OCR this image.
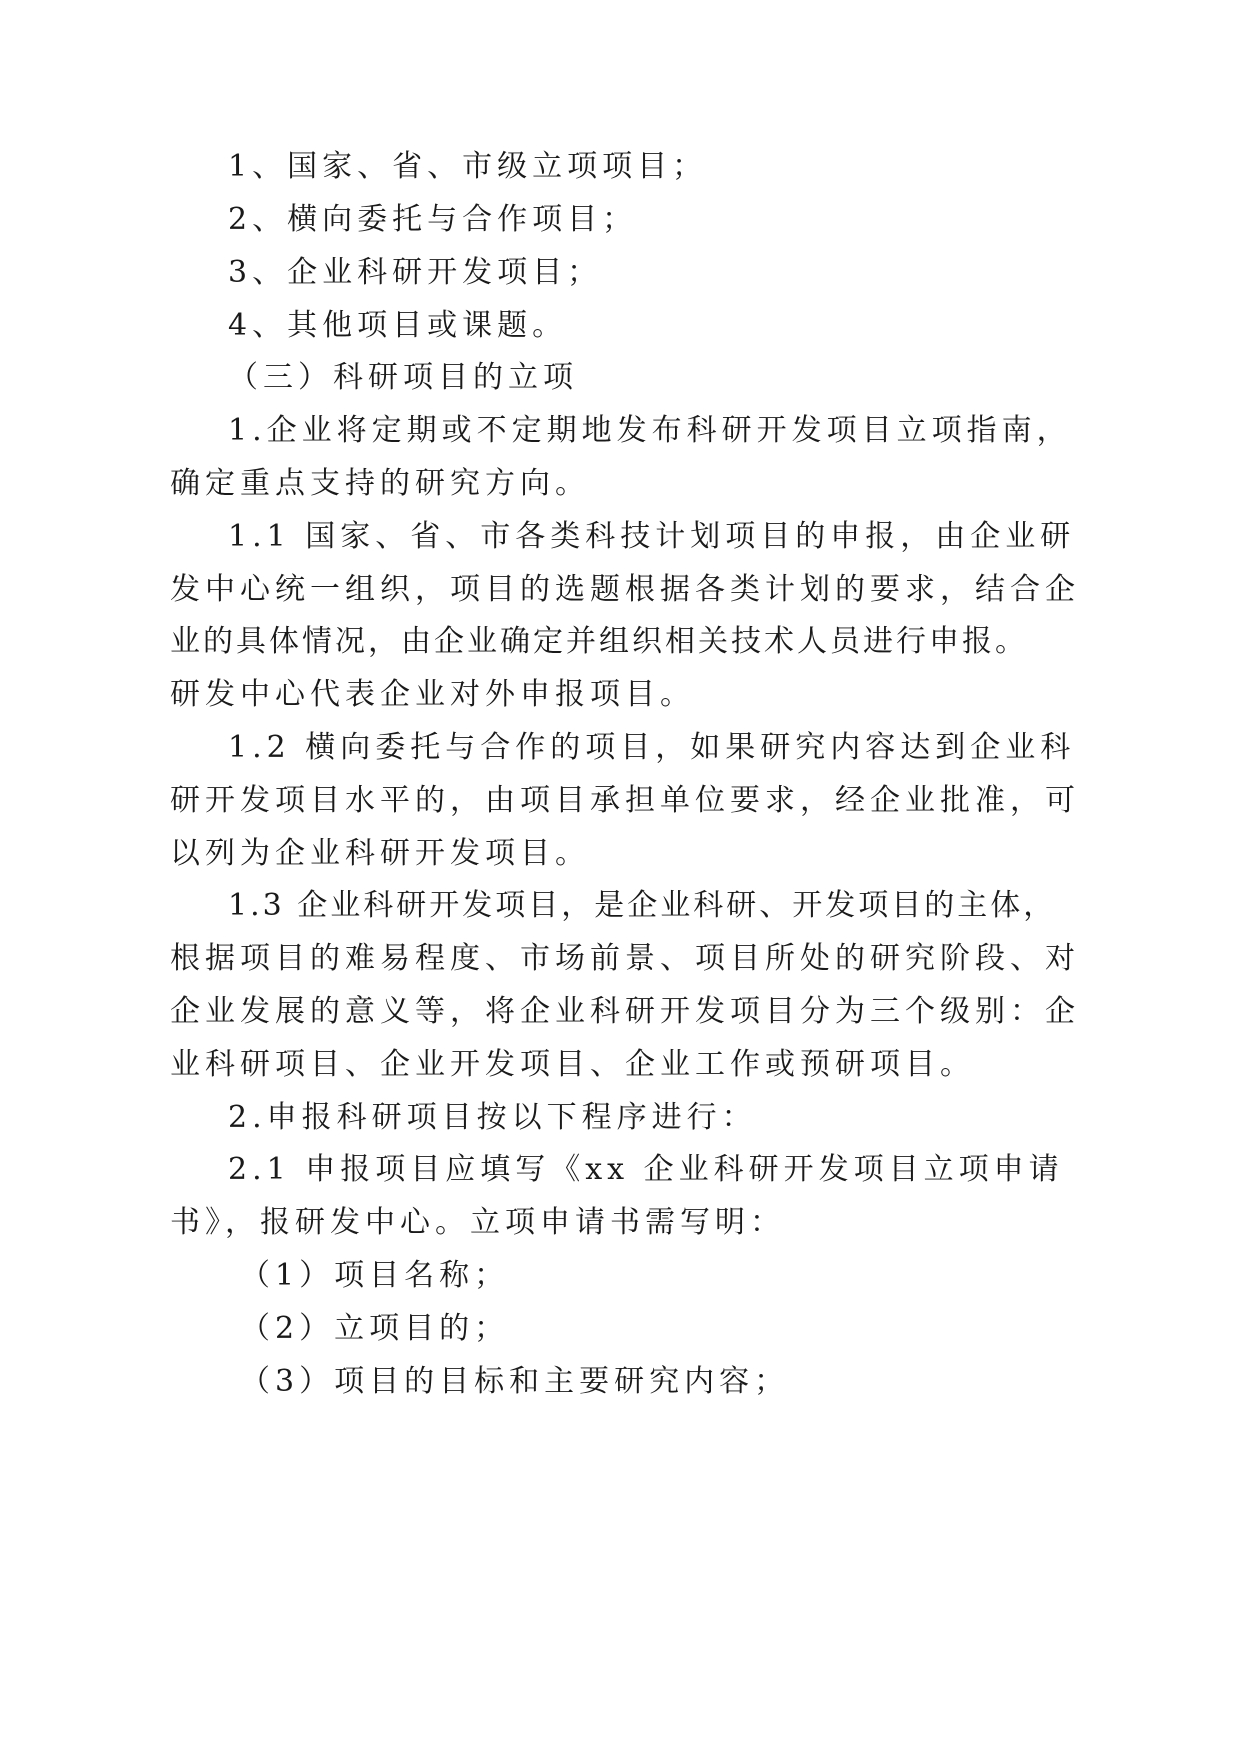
1、国家、省、市级立项项目；
2、横向委托与合作项目；
3、企业科研开发项目；
4、其他项目或课题。
（三）科研项目的立项
1.企业将定期或不定期地发布科研开发项目立项指南，
确定重点支持的研究方向。
1.1 国家、省、市各类科技计划项目的申报，由企业研
发中心统一组织，项目的选题根据各类计划的要求，结合企
业的具体情况，由企业确定并组织相关技术人员进行申报。
研发中心代表企业对外申报项目。
1.2 横向委托与合作的项目，如果研究内容达到企业科
研开发项目水平的，由项目承担单位要求，经企业批准，可
以列为企业科研开发项目。
1.3 企业科研开发项目，是企业科研、开发项目的主体，
根据项目的难易程度、市场前景、项目所处的研究阶段、对
企业发展的意义等，将企业科研开发项目分为三个级别：企
业科研项目、企业开发项目、企业工作或预研项目。
2.申报科研项目按以下程序进行：
2.1 申报项目应填写《xx 企业科研开发项目立项申请
书》，报研发中心。立项申请书需写明：
（1）项目名称；
（2）立项目的；
（3）项目的目标和主要研究内容；
